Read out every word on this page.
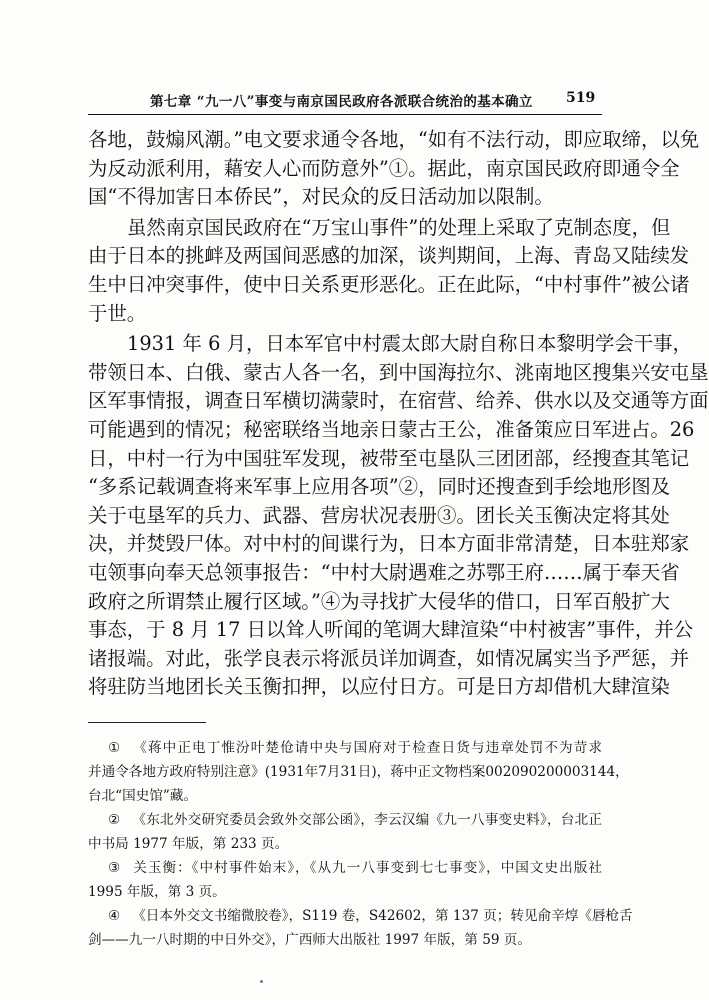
第七章 “九一八”事变与南京国民政府各派联合统治的基本确立 519
各地，鼓煽风潮。”电文要求通令各地，“如有不法行动，即应取缔，以免
为反动派利用，藉安人心而防意外”①。据此，南京国民政府即通令全
国“不得加害日本侨民”，对民众的反日活动加以限制。
虽然南京国民政府在“万宝山事件”的处理上采取了克制态度，但
由于日本的挑衅及两国间恶感的加深，谈判期间，上海、青岛又陆续发
生中日冲突事件，使中日关系更形恶化。正在此际，“中村事件”被公诸
于世。
1931 年 6 月，日本军官中村震太郎大尉自称日本黎明学会干事，
带领日本、白俄、蒙古人各一名，到中国海拉尔、洮南地区搜集兴安屯垦
区军事情报，调查日军横切满蒙时，在宿营、给养、供水以及交通等方面
可能遇到的情况；秘密联络当地亲日蒙古王公，准备策应日军进占。26
日，中村一行为中国驻军发现，被带至屯垦队三团团部，经搜查其笔记
“多系记载调查将来军事上应用各项”②，同时还搜查到手绘地形图及
关于屯垦军的兵力、武器、营房状况表册③。团长关玉衡决定将其处
决，并焚毁尸体。对中村的间谍行为，日本方面非常清楚，日本驻郑家
屯领事向奉天总领事报告：“中村大尉遇难之苏鄂王府……属于奉天省
政府之所谓禁止履行区域。”④为寻找扩大侵华的借口，日军百般扩大
事态，于 8 月 17 日以耸人听闻的笔调大肆渲染“中村被害”事件，并公
诸报端。对此，张学良表示将派员详加调查，如情况属实当予严惩，并
将驻防当地团长关玉衡扣押，以应付日方。可是日方却借机大肆渲染
① 《蒋中正电丁惟汾叶楚伧请中央与国府对于检查日货与违章处罚不为苛求
并通令各地方政府特别注意》(1931年7月31日)，蒋中正文物档案002090200003144，
台北“国史馆”藏。
② 《东北外交研究委员会致外交部公函》，李云汉编《九一八事变史料》，台北正
中书局 1977 年版，第 233 页。
③ 关玉衡：《中村事件始末》，《从九一八事变到七七事变》，中国文史出版社
1995 年版，第 3 页。
④ 《日本外交文书缩微胶卷》，S119 卷，S42602，第 137 页；转见俞辛焞《唇枪舌
剑——九一八时期的中日外交》，广西师大出版社 1997 年版，第 59 页。
